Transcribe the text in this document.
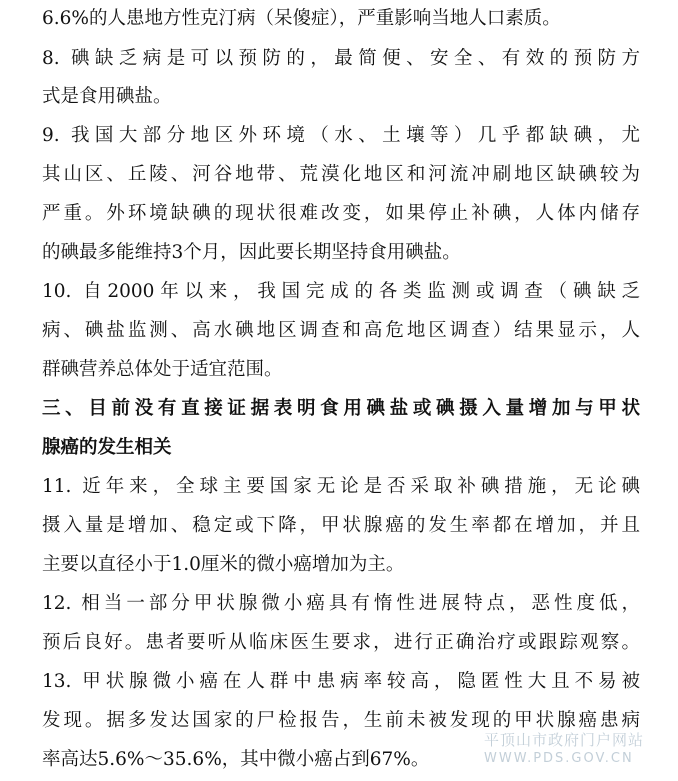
6.6%的人患地方性克汀病（呆傻症），严重影响当地人口素质。
8. 碘缺乏病是可以预防的，最简便、安全、有效的预防方
式是食用碘盐。
9. 我国大部分地区外环境（水、土壤等）几乎都缺碘，尤
其山区、丘陵、河谷地带、荒漠化地区和河流冲刷地区缺碘较为
严重。外环境缺碘的现状很难改变，如果停止补碘，人体内储存
的碘最多能维持3个月，因此要长期坚持食用碘盐。
10. 自2000年以来，我国完成的各类监测或调查（碘缺乏
病、碘盐监测、高水碘地区调查和高危地区调查）结果显示，人
群碘营养总体处于适宜范围。
三、目前没有直接证据表明食用碘盐或碘摄入量增加与甲状
腺癌的发生相关
11. 近年来，全球主要国家无论是否采取补碘措施，无论碘
摄入量是增加、稳定或下降，甲状腺癌的发生率都在增加，并且
主要以直径小于1.0厘米的微小癌增加为主。
12. 相当一部分甲状腺微小癌具有惰性进展特点，恶性度低，
预后良好。患者要听从临床医生要求，进行正确治疗或跟踪观察。
13. 甲状腺微小癌在人群中患病率较高，隐匿性大且不易被
发现。据多发达国家的尸检报告，生前未被发现的甲状腺癌患病
率高达5.6%～35.6%，其中微小癌占到67%。
平顶山市政府门户网站
WWW.PDS.GOV.CN
